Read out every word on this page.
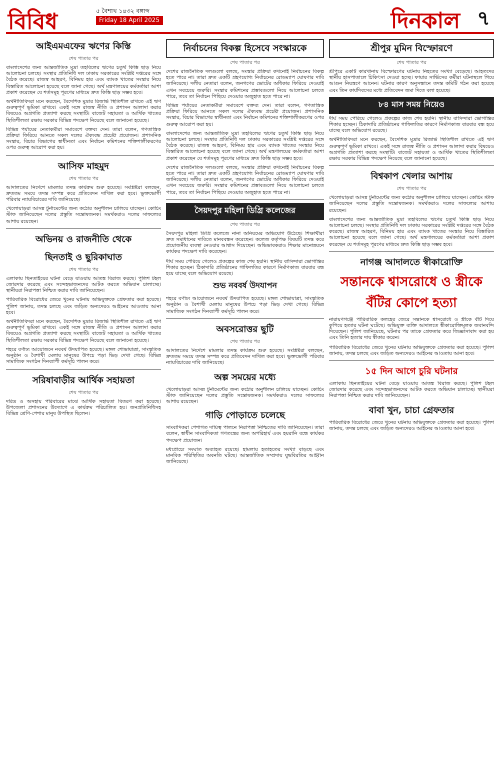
বিবিধ	৫ বৈশাখ ১৪৩২ বঙ্গাব্দ
Friday 18 April 2025	দিনকাল ৭
আইএমএফের ঋণের কিস্তি
শেষ পাতার পর

বাংলাদেশের জন্য আন্তর্জাতিক মুদ্রা তহবিলের ঋণের চতুর্থ কিস্তি ছাড় নিয়ে আলোচনা চলছে। সংস্থার প্রতিনিধি দল ঢাকায় সরকারের সংশ্লিষ্ট দপ্তরের সঙ্গে বৈঠক করেছে। রাজস্ব আহরণ, বিনিময় হার এবং ব্যাংক খাতের সংস্কার নিয়ে বিস্তারিত আলোচনা হয়েছে বলে জানা গেছে। অর্থ মন্ত্রণালয়ের কর্মকর্তারা আশা প্রকাশ করেছেন যে শর্তসমূহ পূরণের মাধ্যমে দ্রুত কিস্তি ছাড় সম্ভব হবে।

অর্থনীতিবিদরা মনে করছেন, বৈদেশিক মুদ্রার রিজার্ভ স্থিতিশীল রাখতে এই ঋণ গুরুত্বপূর্ণ ভূমিকা রাখবে। একই সঙ্গে রাজস্ব নীতি ও প্রশাসন আলাদা করার বিষয়েও অগ্রগতি প্রত্যাশা করছে সংস্থাটি। বাজেট সহায়তা ও আর্থিক খাতের স্থিতিশীলতা রক্ষায় সরকার বিভিন্ন পদক্ষেপ নিয়েছে বলে জানানো হয়েছে।

বিভিন্ন পর্যায়ের নেতাকর্মীরা সমাবেশে বক্তব্য দেন। তারা বলেন, গণতান্ত্রিক প্রক্রিয়া ফিরিয়ে আনতে সকল দলের ঐক্যবদ্ধ প্রচেষ্টা প্রয়োজন। প্রশাসনিক সংস্কার, বিচার বিভাগের স্বাধীনতা এবং নির্বাচন কমিশনের শক্তিশালীকরণের ওপর গুরুত্ব আরোপ করা হয়।

আসিফ মাহমুদ
শেষ পাতার পর

আদালতের নির্দেশে মামলার তদন্ত কার্যক্রম শুরু হয়েছে। সংশ্লিষ্টরা বলছেন, দ্রুততম সময়ে তদন্ত সম্পন্ন করে প্রতিবেদন দাখিল করা হবে। ভুক্তভোগী পরিবার ন্যায়বিচারের দাবি জানিয়েছে।

খেলোয়াড়রা আসন্ন টুর্নামেন্টের জন্য কঠোর অনুশীলন চালিয়ে যাচ্ছেন। কোচিং স্টাফ জানিয়েছেন দলের প্রস্তুতি সন্তোষজনক। সমর্থকরাও দলের সাফল্যের আশায় রয়েছেন।

অভিনয় ও রাজনীতি থেকে
ছিনতাই ও ছুরিকাঘাত
শেষ পাতার পর

এলাকায় ছিনতাইয়ের ঘটনা বেড়ে যাওয়ায় আতঙ্ক বিরাজ করছে। পুলিশ টহল জোরদার করেছে এবং সন্দেহভাজনদের আটক করতে অভিযান চালাচ্ছে। স্থানীয়রা নিরাপত্তা নিশ্চিত করার দাবি জানিয়েছেন।

পারিবারিক বিরোধের জেরে খুনের ঘটনায় অভিযুক্তকে গ্রেফতার করা হয়েছে। পুলিশ জানায়, তদন্ত চলছে এবং জড়িত অন্যদেরও আইনের আওতায় আনা হবে।

অর্থনীতিবিদরা মনে করছেন, বৈদেশিক মুদ্রার রিজার্ভ স্থিতিশীল রাখতে এই ঋণ গুরুত্বপূর্ণ ভূমিকা রাখবে। একই সঙ্গে রাজস্ব নীতি ও প্রশাসন আলাদা করার বিষয়েও অগ্রগতি প্রত্যাশা করছে সংস্থাটি। বাজেট সহায়তা ও আর্থিক খাতের স্থিতিশীলতা রক্ষায় সরকার বিভিন্ন পদক্ষেপ নিয়েছে বলে জানানো হয়েছে।

শহরে বর্ণাঢ্য আয়োজনে নববর্ষ উদযাপিত হয়েছে। মঙ্গল শোভাযাত্রা, সাংস্কৃতিক অনুষ্ঠান ও বৈশাখী মেলায় মানুষের উপচে পড়া ভিড় দেখা গেছে। বিভিন্ন সামাজিক সংগঠন দিনব্যাপী কর্মসূচি পালন করে।

সরিষাবাড়ীর আর্থিক সহায়তা
শেষ পাতার পর

দরিদ্র ও অসহায় পরিবারের মাঝে আর্থিক সহায়তা বিতরণ করা হয়েছে। উপজেলা প্রশাসনের উদ্যোগে এ কার্যক্রম পরিচালিত হয়। জনপ্রতিনিধিসহ বিভিন্ন শ্রেণি-পেশার মানুষ উপস্থিত ছিলেন।

নির্বাচনের বিকল্প হিসেবে সংস্কারকে
শেষ পাতার পর

দেশের রাজনৈতিক দলগুলো বলছে, সংস্কার প্রক্রিয়া কখনোই নির্বাচনের বিকল্প হতে পারে না। তারা দ্রুত একটি গ্রহণযোগ্য নির্বাচনের রোডম্যাপ ঘোষণার দাবি জানিয়েছে। দলীয় নেতারা বলেন, জনগণের ভোটের অধিকার ফিরিয়ে দেওয়াই এখন সবচেয়ে জরুরি। সংস্কার কমিশনের প্রস্তাবগুলো নিয়ে আলোচনা চলতে পারে, তবে তা নির্বাচন পিছিয়ে দেওয়ার অজুহাত হতে পারে না।

বিভিন্ন পর্যায়ের নেতাকর্মীরা সমাবেশে বক্তব্য দেন। তারা বলেন, গণতান্ত্রিক প্রক্রিয়া ফিরিয়ে আনতে সকল দলের ঐক্যবদ্ধ প্রচেষ্টা প্রয়োজন। প্রশাসনিক সংস্কার, বিচার বিভাগের স্বাধীনতা এবং নির্বাচন কমিশনের শক্তিশালীকরণের ওপর গুরুত্ব আরোপ করা হয়।

বাংলাদেশের জন্য আন্তর্জাতিক মুদ্রা তহবিলের ঋণের চতুর্থ কিস্তি ছাড় নিয়ে আলোচনা চলছে। সংস্থার প্রতিনিধি দল ঢাকায় সরকারের সংশ্লিষ্ট দপ্তরের সঙ্গে বৈঠক করেছে। রাজস্ব আহরণ, বিনিময় হার এবং ব্যাংক খাতের সংস্কার নিয়ে বিস্তারিত আলোচনা হয়েছে বলে জানা গেছে। অর্থ মন্ত্রণালয়ের কর্মকর্তারা আশা প্রকাশ করেছেন যে শর্তসমূহ পূরণের মাধ্যমে দ্রুত কিস্তি ছাড় সম্ভব হবে।

দেশের রাজনৈতিক দলগুলো বলছে, সংস্কার প্রক্রিয়া কখনোই নির্বাচনের বিকল্প হতে পারে না। তারা দ্রুত একটি গ্রহণযোগ্য নির্বাচনের রোডম্যাপ ঘোষণার দাবি জানিয়েছে। দলীয় নেতারা বলেন, জনগণের ভোটের অধিকার ফিরিয়ে দেওয়াই এখন সবচেয়ে জরুরি। সংস্কার কমিশনের প্রস্তাবগুলো নিয়ে আলোচনা চলতে পারে, তবে তা নির্বাচন পিছিয়ে দেওয়ার অজুহাত হতে পারে না।

সৈয়দপুর মহিলা ডিগ্রি কলেজের
শেষ পাতার পর

সৈয়দপুর মহিলা ডিগ্রি কলেজে নানা অনিয়মের অভিযোগ উঠেছে। শিক্ষার্থীরা দ্রুত সমাধানের দাবিতে মানববন্ধন করেছেন। কলেজ কর্তৃপক্ষ বিষয়টি তদন্ত করে প্রয়োজনীয় ব্যবস্থা নেওয়ার আশ্বাস দিয়েছেন। অভিভাবকরাও শিক্ষার মানোন্নয়নে কার্যকর পদক্ষেপ দাবি করেছেন।

দীর্ঘ সময় পেরিয়ে গেলেও প্রকল্পের কাজ শেষ হয়নি। স্থানীয় বাসিন্দারা ভোগান্তির শিকার হচ্ছেন। ঠিকাদারি প্রতিষ্ঠানের গাফিলতির কারণে নির্মাণকাজ বারবার বন্ধ হয়ে যাচ্ছে বলে অভিযোগ রয়েছে।

শুভ নববর্ষ উদযাপন

শহরে বর্ণাঢ্য আয়োজনে নববর্ষ উদযাপিত হয়েছে। মঙ্গল শোভাযাত্রা, সাংস্কৃতিক অনুষ্ঠান ও বৈশাখী মেলায় মানুষের উপচে পড়া ভিড় দেখা গেছে। বিভিন্ন সামাজিক সংগঠন দিনব্যাপী কর্মসূচি পালন করে।

অবসরোত্তর ছুটি
শেষ পাতার পর

আদালতের নির্দেশে মামলার তদন্ত কার্যক্রম শুরু হয়েছে। সংশ্লিষ্টরা বলছেন, দ্রুততম সময়ে তদন্ত সম্পন্ন করে প্রতিবেদন দাখিল করা হবে। ভুক্তভোগী পরিবার ন্যায়বিচারের দাবি জানিয়েছে।

অল্প সময়ের মধ্যে

খেলোয়াড়রা আসন্ন টুর্নামেন্টের জন্য কঠোর অনুশীলন চালিয়ে যাচ্ছেন। কোচিং স্টাফ জানিয়েছেন দলের প্রস্তুতি সন্তোষজনক। সমর্থকরাও দলের সাফল্যের আশায় রয়েছেন।

গাড়ি পোড়াতে চলেছে

সাংবাদিকরা পেশাগত দায়িত্ব পালনে নিরাপত্তা নিশ্চিতের দাবি জানিয়েছেন। তারা বলেন, স্বাধীন সাংবাদিকতা গণতন্ত্রের জন্য অপরিহার্য এবং হয়রানি বন্ধে কার্যকর পদক্ষেপ প্রয়োজন।

মধ্যপ্রাচ্যে সংঘাত অব্যাহত রয়েছে। হামলায় হতাহতের সংখ্যা বাড়ছে এবং মানবিক পরিস্থিতির অবনতি ঘটছে। আন্তর্জাতিক সম্প্রদায় যুদ্ধবিরতির আহ্বান জানিয়েছে।

শ্রীপুর মুমিন বিস্ফোরণে
শেষ পাতার পর

শ্রীপুরে একটি কারখানায় বিস্ফোরণের ঘটনায় নিহতের সংখ্যা বেড়েছে। আহতদের স্থানীয় হাসপাতালে চিকিৎসা দেওয়া হচ্ছে। ফায়ার সার্ভিসের কর্মীরা ঘটনাস্থলে গিয়ে আগুন নিয়ন্ত্রণে আনেন। ঘটনার কারণ অনুসন্ধানে তদন্ত কমিটি গঠন করা হয়েছে এবং তিন কার্যদিবসের মধ্যে প্রতিবেদন জমা দিতে বলা হয়েছে।

৮৪ মাস সময় নিয়েও

দীর্ঘ সময় পেরিয়ে গেলেও প্রকল্পের কাজ শেষ হয়নি। স্থানীয় বাসিন্দারা ভোগান্তির শিকার হচ্ছেন। ঠিকাদারি প্রতিষ্ঠানের গাফিলতির কারণে নির্মাণকাজ বারবার বন্ধ হয়ে যাচ্ছে বলে অভিযোগ রয়েছে।

অর্থনীতিবিদরা মনে করছেন, বৈদেশিক মুদ্রার রিজার্ভ স্থিতিশীল রাখতে এই ঋণ গুরুত্বপূর্ণ ভূমিকা রাখবে। একই সঙ্গে রাজস্ব নীতি ও প্রশাসন আলাদা করার বিষয়েও অগ্রগতি প্রত্যাশা করছে সংস্থাটি। বাজেট সহায়তা ও আর্থিক খাতের স্থিতিশীলতা রক্ষায় সরকার বিভিন্ন পদক্ষেপ নিয়েছে বলে জানানো হয়েছে।

বিশ্বকাপ খেলার আশায়
শেষ পাতার পর

খেলোয়াড়রা আসন্ন টুর্নামেন্টের জন্য কঠোর অনুশীলন চালিয়ে যাচ্ছেন। কোচিং স্টাফ জানিয়েছেন দলের প্রস্তুতি সন্তোষজনক। সমর্থকরাও দলের সাফল্যের আশায় রয়েছেন।

বাংলাদেশের জন্য আন্তর্জাতিক মুদ্রা তহবিলের ঋণের চতুর্থ কিস্তি ছাড় নিয়ে আলোচনা চলছে। সংস্থার প্রতিনিধি দল ঢাকায় সরকারের সংশ্লিষ্ট দপ্তরের সঙ্গে বৈঠক করেছে। রাজস্ব আহরণ, বিনিময় হার এবং ব্যাংক খাতের সংস্কার নিয়ে বিস্তারিত আলোচনা হয়েছে বলে জানা গেছে। অর্থ মন্ত্রণালয়ের কর্মকর্তারা আশা প্রকাশ করেছেন যে শর্তসমূহ পূরণের মাধ্যমে দ্রুত কিস্তি ছাড় সম্ভব হবে।

নাগঞ্জ আদালতে স্বীকারোক্তি
সন্তানকে শ্বাসরোধে ও স্ত্রীকে বঁটির কোপে হত্যা

নারায়ণগঞ্জে পারিবারিক কলহের জেরে সন্তানকে শ্বাসরোধে ও স্ত্রীকে বঁটি দিয়ে কুপিয়ে হত্যার ঘটনা ঘটেছে। অভিযুক্ত ব্যক্তি আদালতে স্বীকারোক্তিমূলক জবানবন্দি দিয়েছেন। পুলিশ জানিয়েছে, ঘটনার পর তাকে গ্রেফতার করে জিজ্ঞাসাবাদ করা হয় এবং তিনি হত্যার দায় স্বীকার করেন।

পারিবারিক বিরোধের জেরে খুনের ঘটনায় অভিযুক্তকে গ্রেফতার করা হয়েছে। পুলিশ জানায়, তদন্ত চলছে এবং জড়িত অন্যদেরও আইনের আওতায় আনা হবে।

১৫ দিন আগে চুরি ঘটনার

এলাকায় ছিনতাইয়ের ঘটনা বেড়ে যাওয়ায় আতঙ্ক বিরাজ করছে। পুলিশ টহল জোরদার করেছে এবং সন্দেহভাজনদের আটক করতে অভিযান চালাচ্ছে। স্থানীয়রা নিরাপত্তা নিশ্চিত করার দাবি জানিয়েছেন।

বাবা খুন, চাচা গ্রেফতার

পারিবারিক বিরোধের জেরে খুনের ঘটনায় অভিযুক্তকে গ্রেফতার করা হয়েছে। পুলিশ জানায়, তদন্ত চলছে এবং জড়িত অন্যদেরও আইনের আওতায় আনা হবে।
